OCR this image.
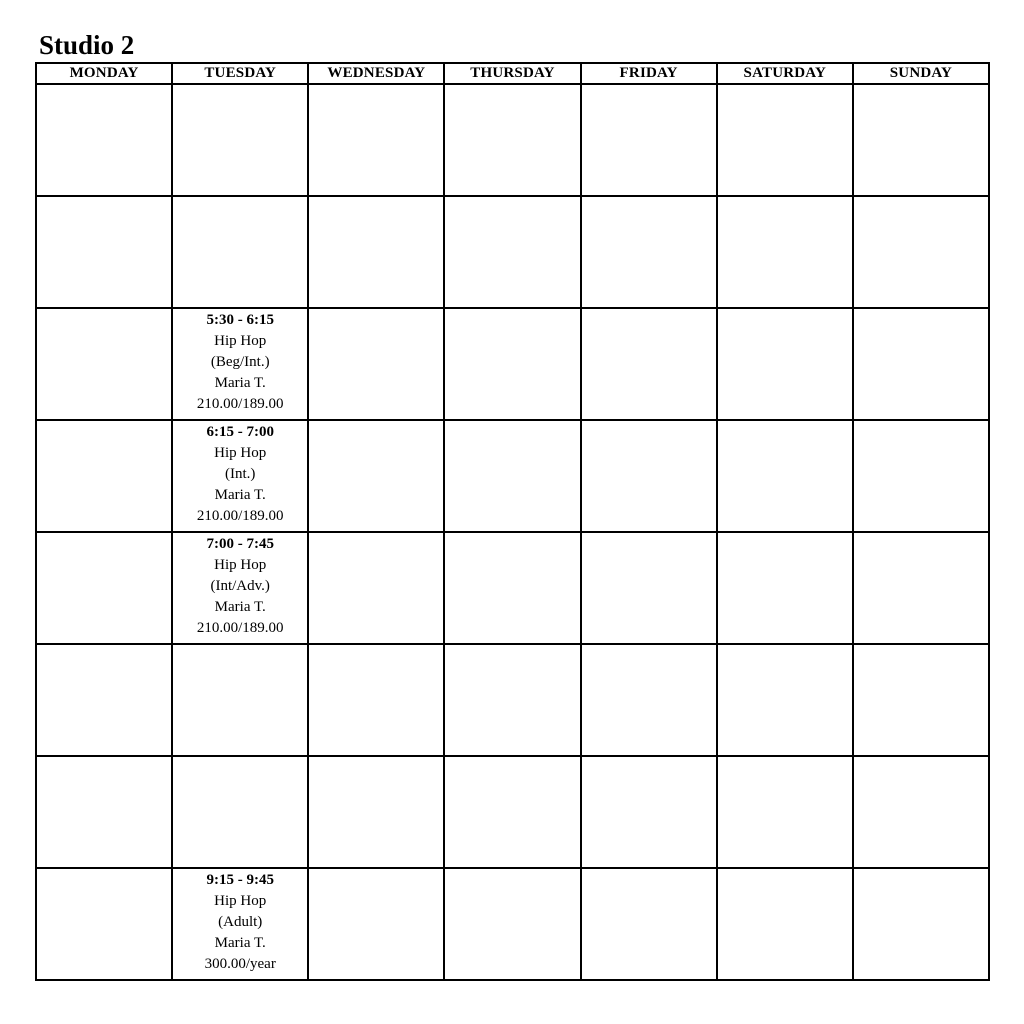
Studio 2
MONDAY	TUESDAY	WEDNESDAY	THURSDAY	FRIDAY	SATURDAY	SUNDAY

	5:30 - 6:15
Hip Hop
(Beg/Int.)
Maria T.
210.00/189.00					

	6:15 - 7:00
Hip Hop
(Int.)
Maria T.
210.00/189.00					

	7:00 - 7:45
Hip Hop
(Int/Adv.)
Maria T.
210.00/189.00					

	9:15 - 9:45
Hip Hop
(Adult)
Maria T.
300.00/year					
